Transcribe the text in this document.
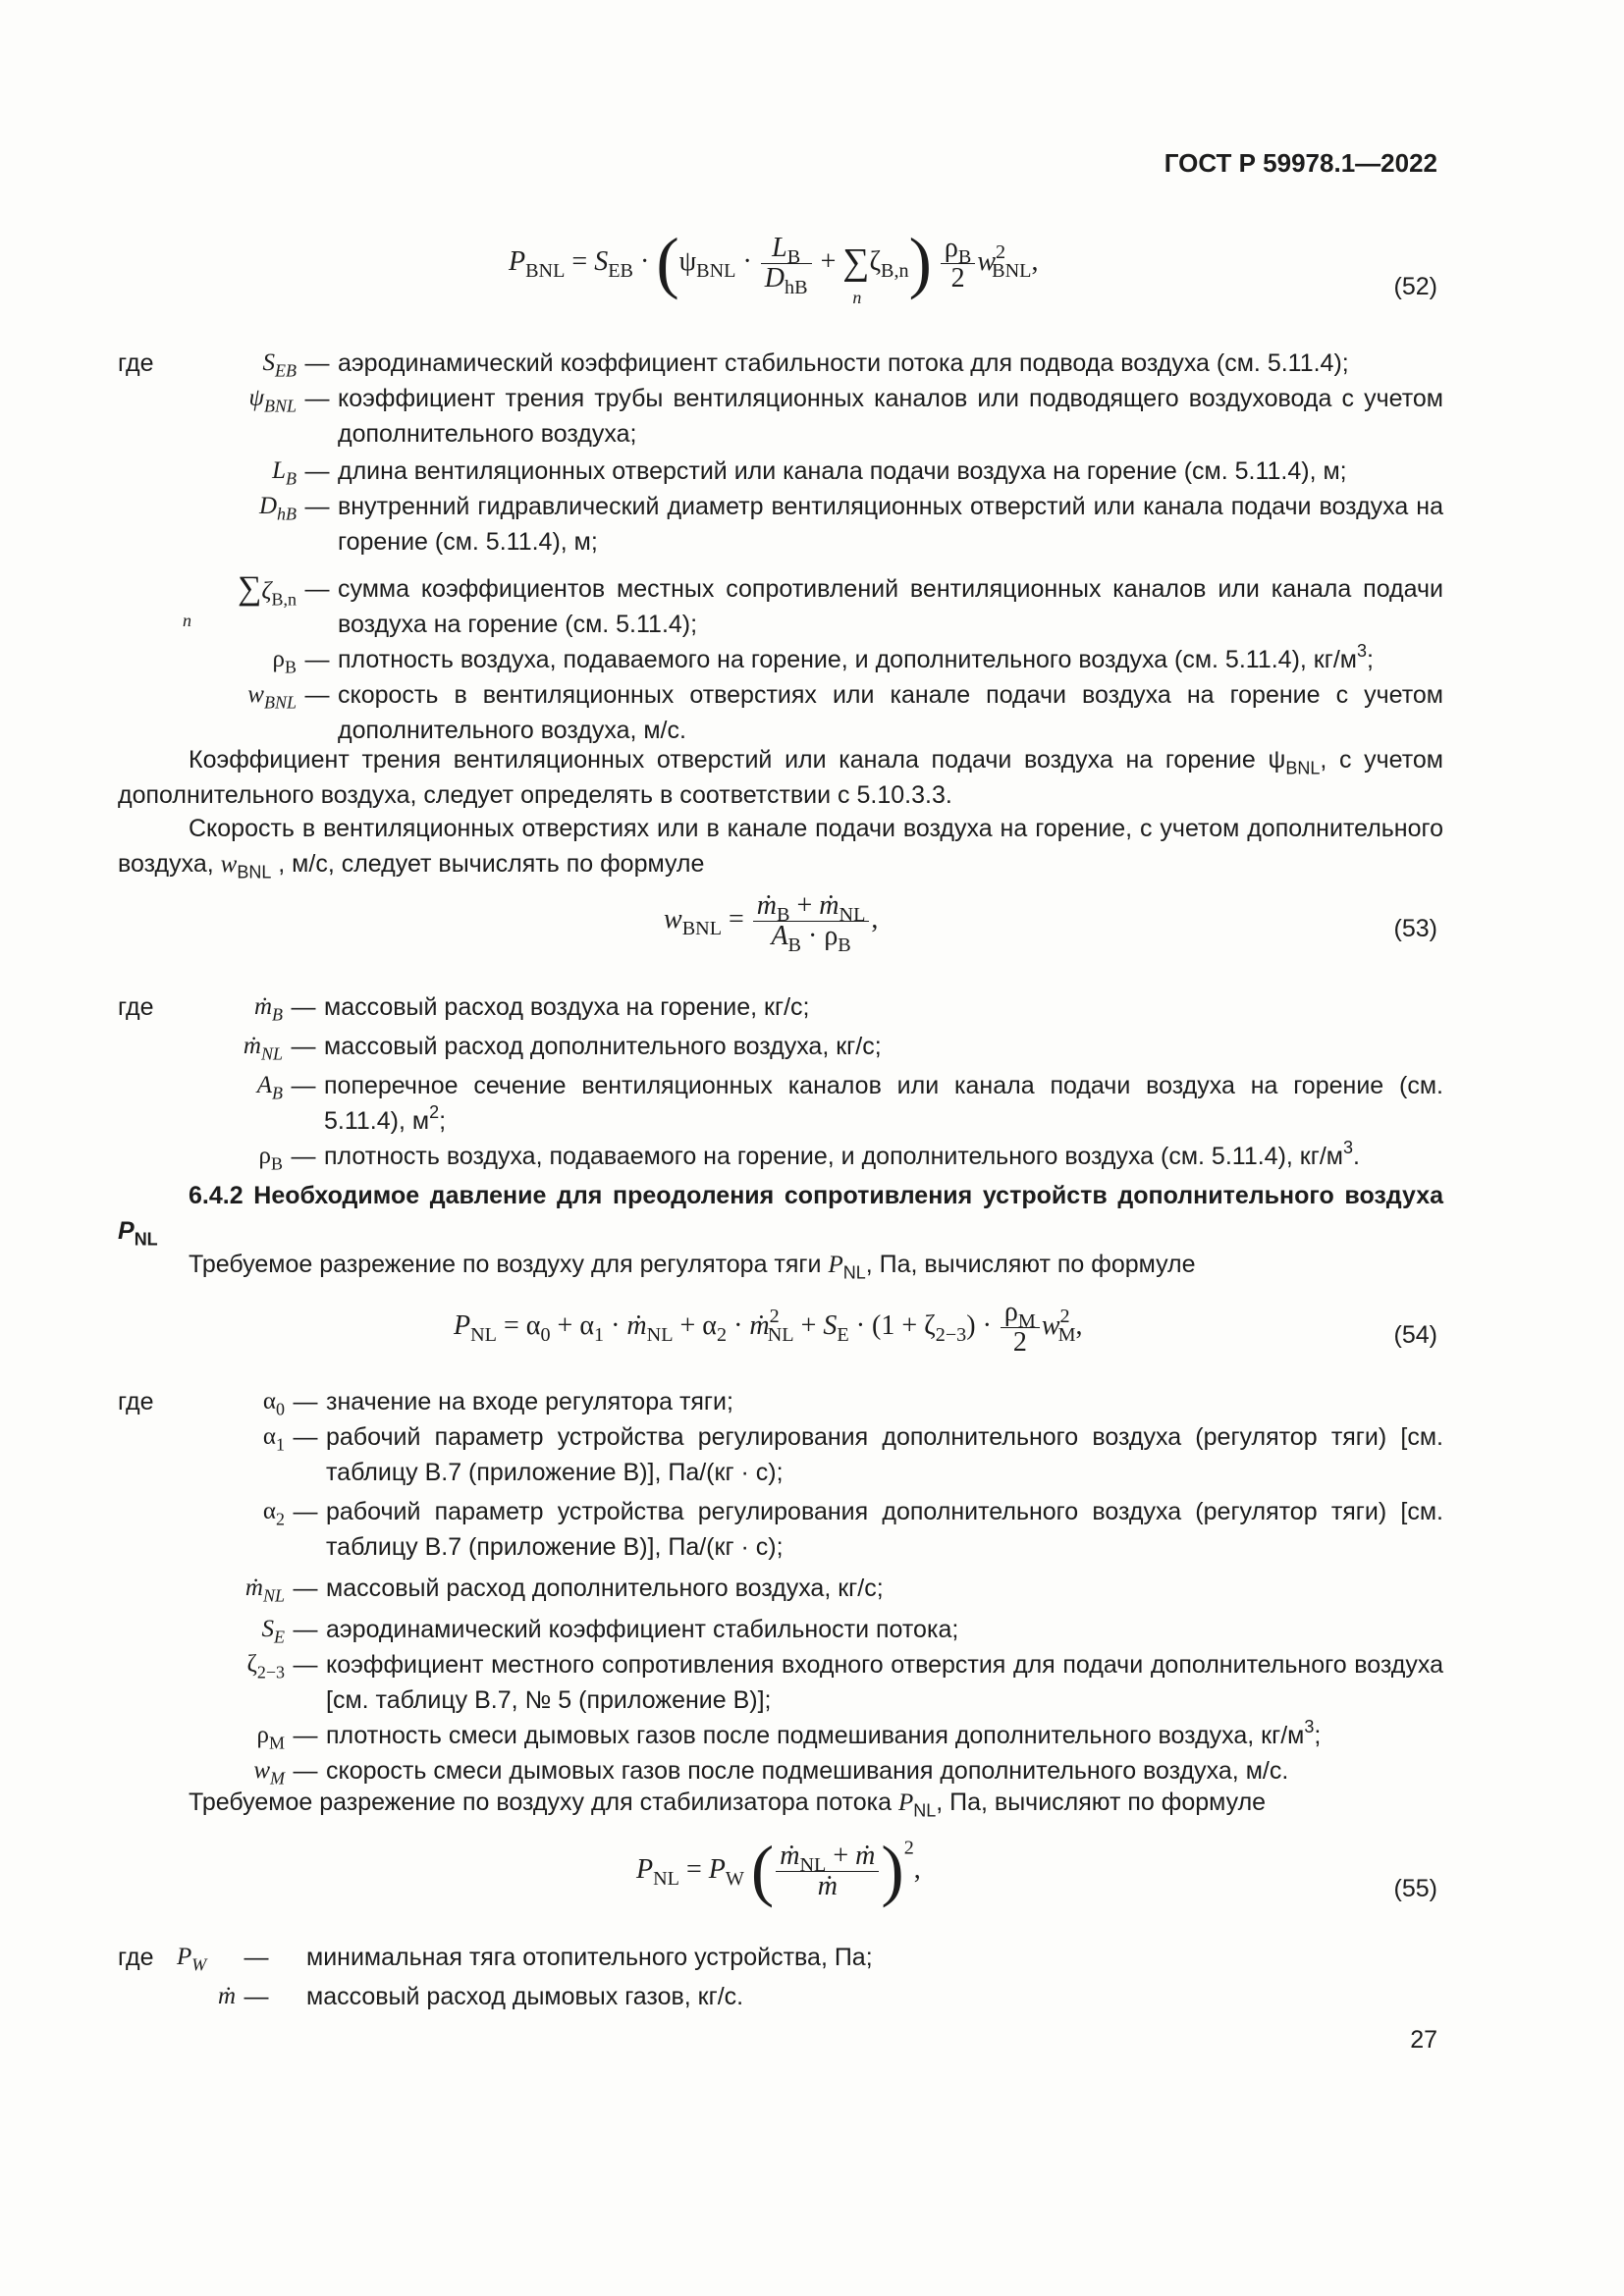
ГОСТ Р 59978.1—2022
$P_{BNL} = S_{EB} \cdot (\psi_{BNL} \cdot \frac{L_B}{D_{hB}}$ + ∑
n
$\zeta_{B,n}) \frac{\rho_B}{2} w^2_{BNL}$,
(52)
где	$S_{EB}$ — аэродинамический коэффициент стабильности потока для подвода воздуха (см. 5.11.4);
$\psi_{BNL}$ — коэффициент трения трубы вентиляционных каналов или подводящего воздуховода с учетом дополнительного воздуха;
$L_B$ — длина вентиляционных отверстий или канала подачи воздуха на горение (см. 5.11.4), м;
$D_{hB}$ — внутренний гидравлический диаметр вентиляционных отверстий или канала подачи воздуха на горение (см. 5.11.4), м;
$\sum\zeta_{B,n}$
n
— сумма коэффициентов местных сопротивлений вентиляционных каналов или канала подачи воздуха на горение (см. 5.11.4);
$\rho_B$ — плотность воздуха, подаваемого на горение, и дополнительного воздуха (см. 5.11.4), $кг/м^3$;
$w_{BNL}$ — скорость в вентиляционных отверстиях или канале подачи воздуха на горение с учетом дополнительного воздуха, м/с.
Коэффициент трения вентиляционных отверстий или канала подачи воздуха на горение $\psi_{BNL}$, с учетом дополнительного воздуха, следует определять в соответствии с 5.10.3.3.
Скорость в вентиляционных отверстиях или в канале подачи воздуха на горение, с учетом дополнительного воздуха, $w_{BNL}$ , м/с, следует вычислять по формуле
$w_{BNL} = \frac{ṁ_B + ṁ_{NL}}{A_B \cdot \rho_B}$ ,	(53)
где	ṁ$_B$ — массовый расход воздуха на горение, кг/с;
ṁ$_{NL}$ — массовый расход дополнительного воздуха, кг/с;
$A_B$ — поперечное сечение вентиляционных каналов или канала подачи воздуха на горение (см. 5.11.4), $м^2$;
$\rho_B$ — плотность воздуха, подаваемого на горение, и дополнительного воздуха (см. 5.11.4), $кг/м^3$.
6.4.2 Необходимое давление для преодоления сопротивления устройств дополнительного воздуха $P_{NL}$
Требуемое разрежение по воздуху для регулятора тяги $P_{NL}$, Па, вычисляют по формуле
$P_{NL} = \alpha_0 + \alpha_1$ · ṁ$_{NL}$ + $\alpha_2$ · ṁ$^2_{NL}$ + $S_E \cdot (1 + \zeta_{2-3}) \cdot \frac{\rho_M}{2} w^2_M$,	(54)
где	$\alpha_0$ — значение на входе регулятора тяги;
$\alpha_1$ — рабочий параметр устройства регулирования дополнительного воздуха (регулятор тяги) [см. таблицу В.7 (приложение В)], Па/(кг · с);
$\alpha_2$ — рабочий параметр устройства регулирования дополнительного воздуха (регулятор тяги) [см. таблицу В.7 (приложение В)], Па/(кг · с);
ṁ$_{NL}$ — массовый расход дополнительного воздуха, кг/с;
$S_E$ — аэродинамический коэффициент стабильности потока;
$\zeta_{2-3}$ — коэффициент местного сопротивления входного отверстия для подачи дополнительного воздуха [см. таблицу В.7, № 5 (приложение В)];
$\rho_M$ — плотность смеси дымовых газов после подмешивания дополнительного воздуха, $кг/м^3$;
$w_M$ — скорость смеси дымовых газов после подмешивания дополнительного воздуха, м/с.
Требуемое разрежение по воздуху для стабилизатора потока $P_{NL}$, Па, вычисляют по формуле
$P_{NL} = P_W$ ( $\frac{ṁ_{NL} + ṁ}{\text{ṁ}} )^2$,
(55)
где $P_W$	—	минимальная тяга отопительного устройства, Па;
ṁ —	массовый расход дымовых газов, кг/с.
27
